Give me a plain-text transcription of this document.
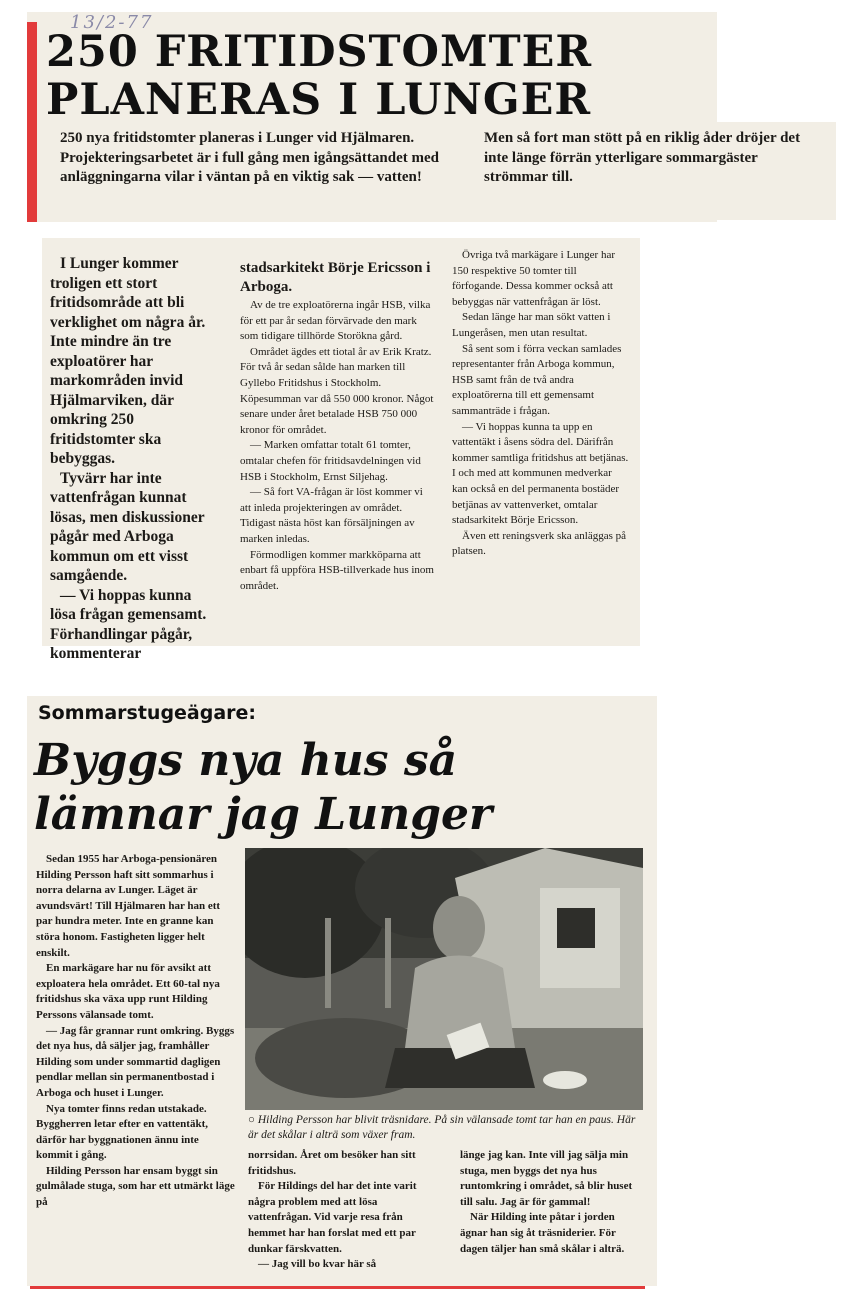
13/2-77
250 FRITIDSTOMTER
PLANERAS I LUNGER

250 nya fritidstomter planeras i Lunger vid Hjälmaren. Projekteringsarbetet är i full gång men igångsättandet med anläggningarna vilar i väntan på en viktig sak — vatten!

Men så fort man stött på en riklig åder dröjer det inte länge förrän ytterligare sommargäster strömmar till.

I Lunger kommer troligen ett stort fritidsområde att bli verklighet om några år. Inte mindre än tre exploatörer har markområden invid Hjälmarviken, där omkring 250 fritidstomter ska bebyggas.

Tyvärr har inte vattenfrågan kunnat lösas, men diskussioner pågår med Arboga kommun om ett visst samgående.

— Vi hoppas kunna lösa frågan gemensamt. Förhandlingar pågår, kommenterar

stadsarkitekt Börje Ericsson i Arboga.

Av de tre exploatörerna ingår HSB, vilka för ett par år sedan förvärvade den mark som tidigare tillhörde Storökna gård.

Området ägdes ett tiotal år av Erik Kratz. För två år sedan sålde han marken till Gyllebo Fritidshus i Stockholm. Köpesumman var då 550 000 kronor. Något senare under året betalade HSB 750 000 kronor för området.

— Marken omfattar totalt 61 tomter, omtalar chefen för fritidsavdelningen vid HSB i Stockholm, Ernst Siljehag.

— Så fort VA-frågan är löst kommer vi att inleda projekteringen av området. Tidigast nästa höst kan försäljningen av marken inledas.

Förmodligen kommer markköparna att enbart få uppföra HSB-tillverkade hus inom området.

Övriga två markägare i Lunger har 150 respektive 50 tomter till förfogande. Dessa kommer också att bebyggas när vattenfrågan är löst.

Sedan länge har man sökt vatten i Lungeråsen, men utan resultat.

Så sent som i förra veckan samlades representanter från Arboga kommun, HSB samt från de två andra exploatörerna till ett gemensamt sammanträde i frågan.

— Vi hoppas kunna ta upp en vattentäkt i åsens södra del. Därifrån kommer samtliga fritidshus att betjänas. I och med att kommunen medverkar kan också en del permanenta bostäder betjänas av vattenverket, omtalar stadsarkitekt Börje Ericsson.

Även ett reningsverk ska anläggas på platsen.

Sommarstugeägare:
Byggs nya hus så
lämnar jag Lunger

Sedan 1955 har Arboga-pensionären Hilding Persson haft sitt sommarhus i norra delarna av Lunger. Läget är avundsvärt! Till Hjälmaren har han ett par hundra meter. Inte en granne kan störa honom. Fastigheten ligger helt enskilt.

En markägare har nu för avsikt att exploatera hela området. Ett 60-tal nya fritidshus ska växa upp runt Hilding Perssons välansade tomt.

— Jag får grannar runt omkring. Byggs det nya hus, då säljer jag, framhåller Hilding som under sommartid dagligen pendlar mellan sin permanentbostad i Arboga och huset i Lunger.

Nya tomter finns redan utstakade. Byggherren letar efter en vattentäkt, därför har byggnationen ännu inte kommit i gång.

Hilding Persson har ensam byggt sin gulmålade stuga, som har ett utmärkt läge på

○ Hilding Persson har blivit träsnidare. På sin välansade tomt tar han en paus. Här är det skålar i alträ som växer fram.

norrsidan. Året om besöker han sitt fritidshus.

För Hildings del har det inte varit några problem med att lösa vattenfrågan. Vid varje resa från hemmet har han forslat med ett par dunkar färskvatten.

— Jag vill bo kvar här så

länge jag kan. Inte vill jag sälja min stuga, men byggs det nya hus runtomkring i området, så blir huset till salu. Jag är för gammal!

När Hilding inte påtar i jorden ägnar han sig åt träsniderier. För dagen täljer han små skålar i alträ.
